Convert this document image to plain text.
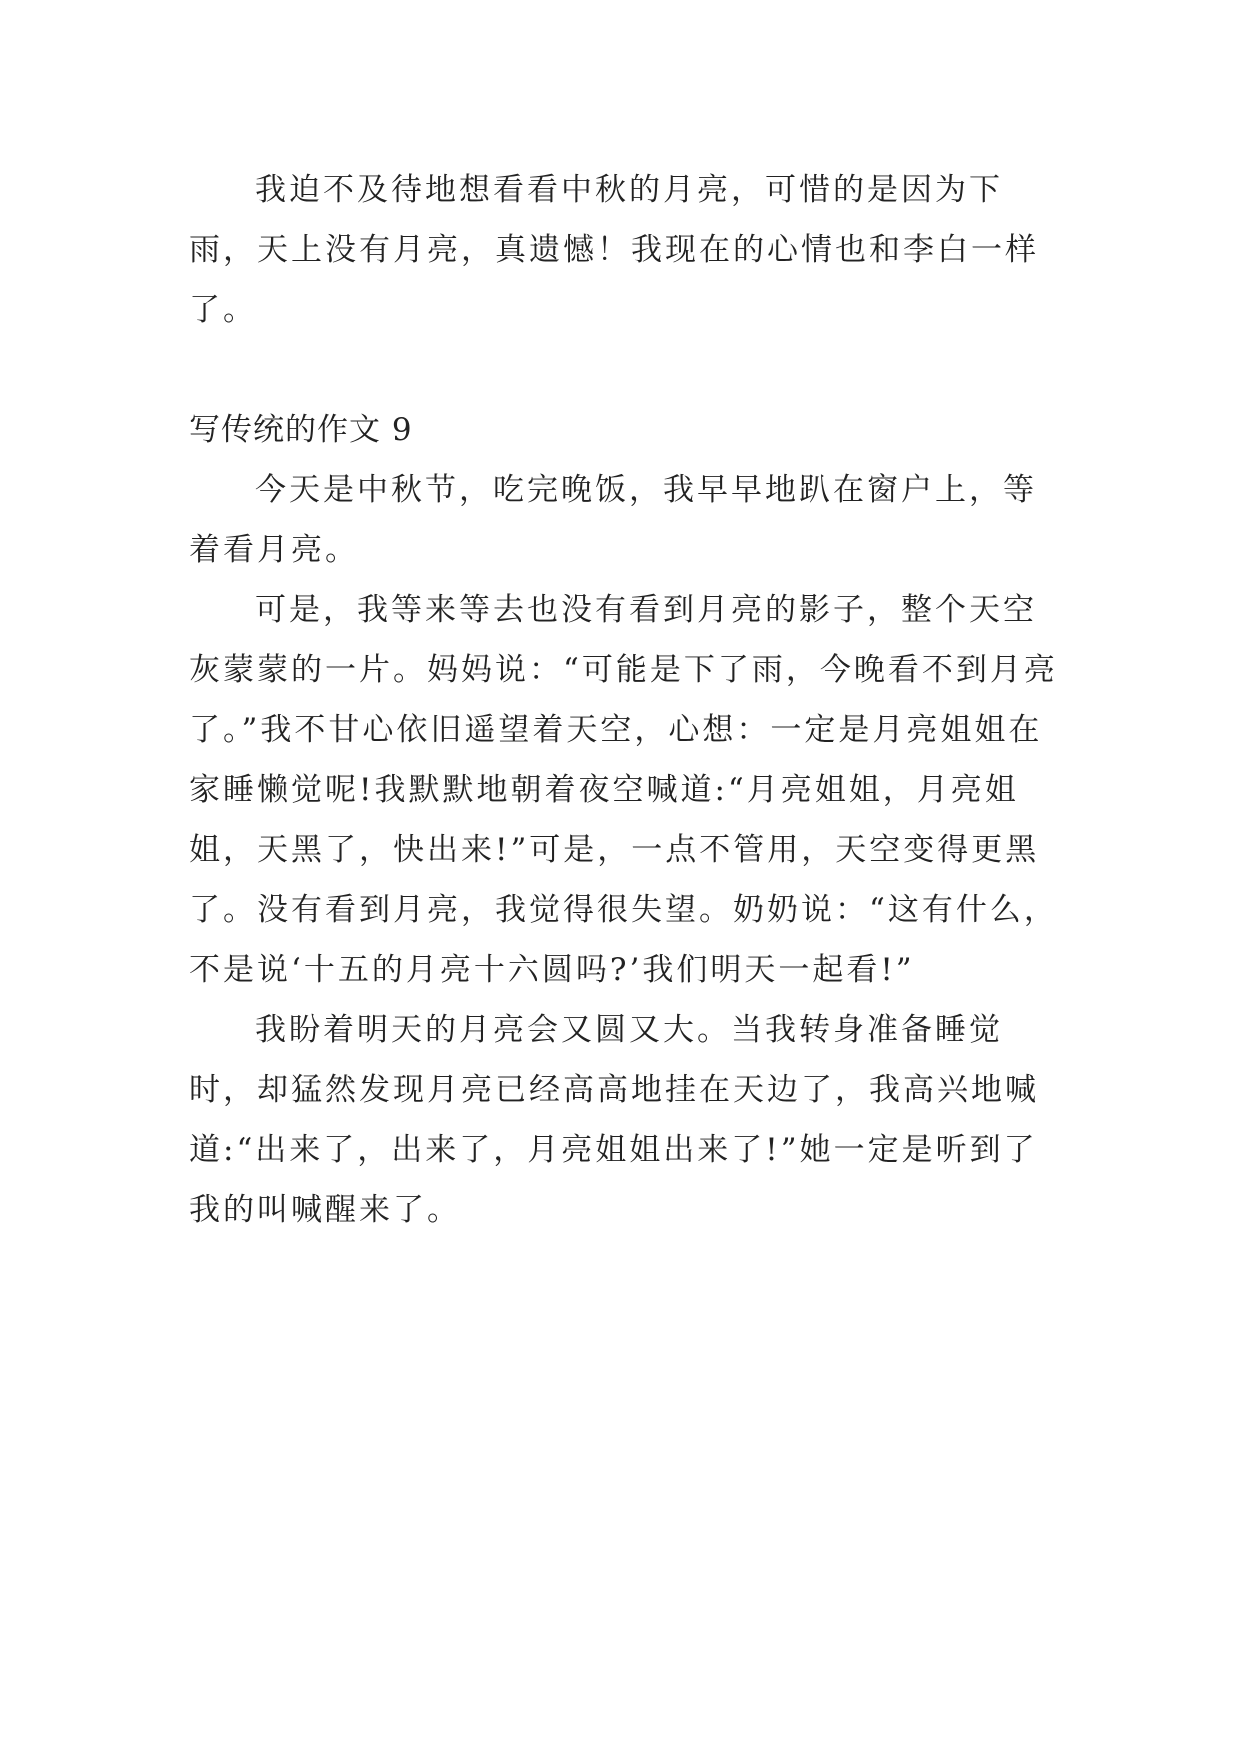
我迫不及待地想看看中秋的月亮，可惜的是因为下雨，天上没有月亮，真遗憾！我现在的心情也和李白一样了。

写传统的作文 9

今天是中秋节，吃完晚饭，我早早地趴在窗户上，等着看月亮。

可是，我等来等去也没有看到月亮的影子，整个天空灰蒙蒙的一片。妈妈说：“可能是下了雨，今晚看不到月亮了。”我不甘心依旧遥望着天空，心想：一定是月亮姐姐在家睡懒觉呢!我默默地朝着夜空喊道:“月亮姐姐，月亮姐姐，天黑了，快出来!”可是，一点不管用，天空变得更黑了。没有看到月亮，我觉得很失望。奶奶说：“这有什么，不是说‘十五的月亮十六圆吗?’我们明天一起看!”

我盼着明天的月亮会又圆又大。当我转身准备睡觉时，却猛然发现月亮已经高高地挂在天边了，我高兴地喊道:“出来了，出来了，月亮姐姐出来了!”她一定是听到了我的叫喊醒来了。
